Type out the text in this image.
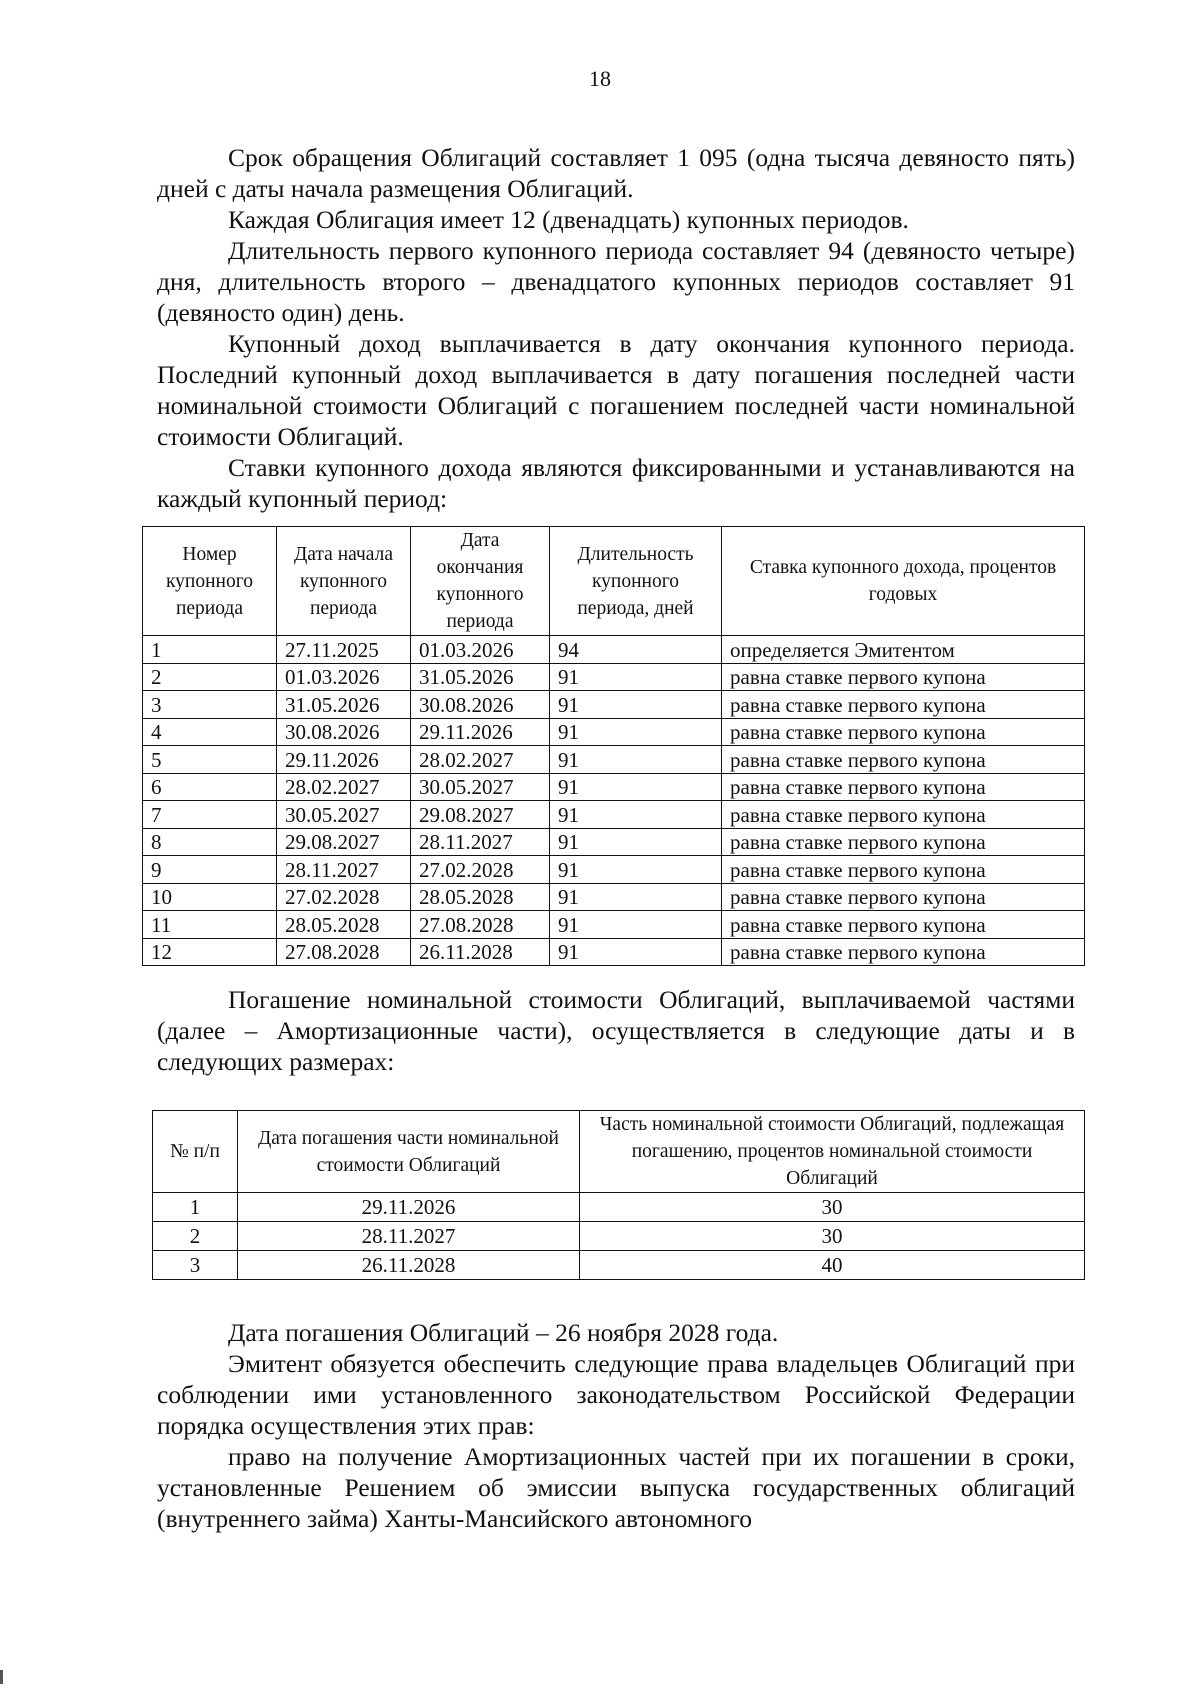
18

Срок обращения Облигаций составляет 1 095 (одна тысяча девяносто пять) дней с даты начала размещения Облигаций.

Каждая Облигация имеет 12 (двенадцать) купонных периодов.

Длительность первого купонного периода составляет 94 (девяносто четыре) дня, длительность второго – двенадцатого купонных периодов составляет 91 (девяносто один) день.

Купонный доход выплачивается в дату окончания купонного периода. Последний купонный доход выплачивается в дату погашения последней части номинальной стоимости Облигаций с погашением последней части номинальной стоимости Облигаций.

Ставки купонного дохода являются фиксированными и устанавливаются на каждый купонный период:

Номер купонного периода	Дата начала купонного периода	Дата окончания купонного периода	Длительность купонного периода, дней	Ставка купонного дохода, процентов годовых
1	27.11.2025	01.03.2026	94	определяется Эмитентом
2	01.03.2026	31.05.2026	91	равна ставке первого купона
3	31.05.2026	30.08.2026	91	равна ставке первого купона
4	30.08.2026	29.11.2026	91	равна ставке первого купона
5	29.11.2026	28.02.2027	91	равна ставке первого купона
6	28.02.2027	30.05.2027	91	равна ставке первого купона
7	30.05.2027	29.08.2027	91	равна ставке первого купона
8	29.08.2027	28.11.2027	91	равна ставке первого купона
9	28.11.2027	27.02.2028	91	равна ставке первого купона
10	27.02.2028	28.05.2028	91	равна ставке первого купона
11	28.05.2028	27.08.2028	91	равна ставке первого купона
12	27.08.2028	26.11.2028	91	равна ставке первого купона

Погашение номинальной стоимости Облигаций, выплачиваемой частями (далее – Амортизационные части), осуществляется в следующие даты и в следующих размерах:

№ п/п	Дата погашения части номинальной стоимости Облигаций	Часть номинальной стоимости Облигаций, подлежащая погашению, процентов номинальной стоимости Облигаций
1	29.11.2026	30
2	28.11.2027	30
3	26.11.2028	40

Дата погашения Облигаций – 26 ноября 2028 года.

Эмитент обязуется обеспечить следующие права владельцев Облигаций при соблюдении ими установленного законодательством Российской Федерации порядка осуществления этих прав:

право на получение Амортизационных частей при их погашении в сроки, установленные Решением об эмиссии выпуска государственных облигаций (внутреннего займа) Ханты-Мансийского автономного
